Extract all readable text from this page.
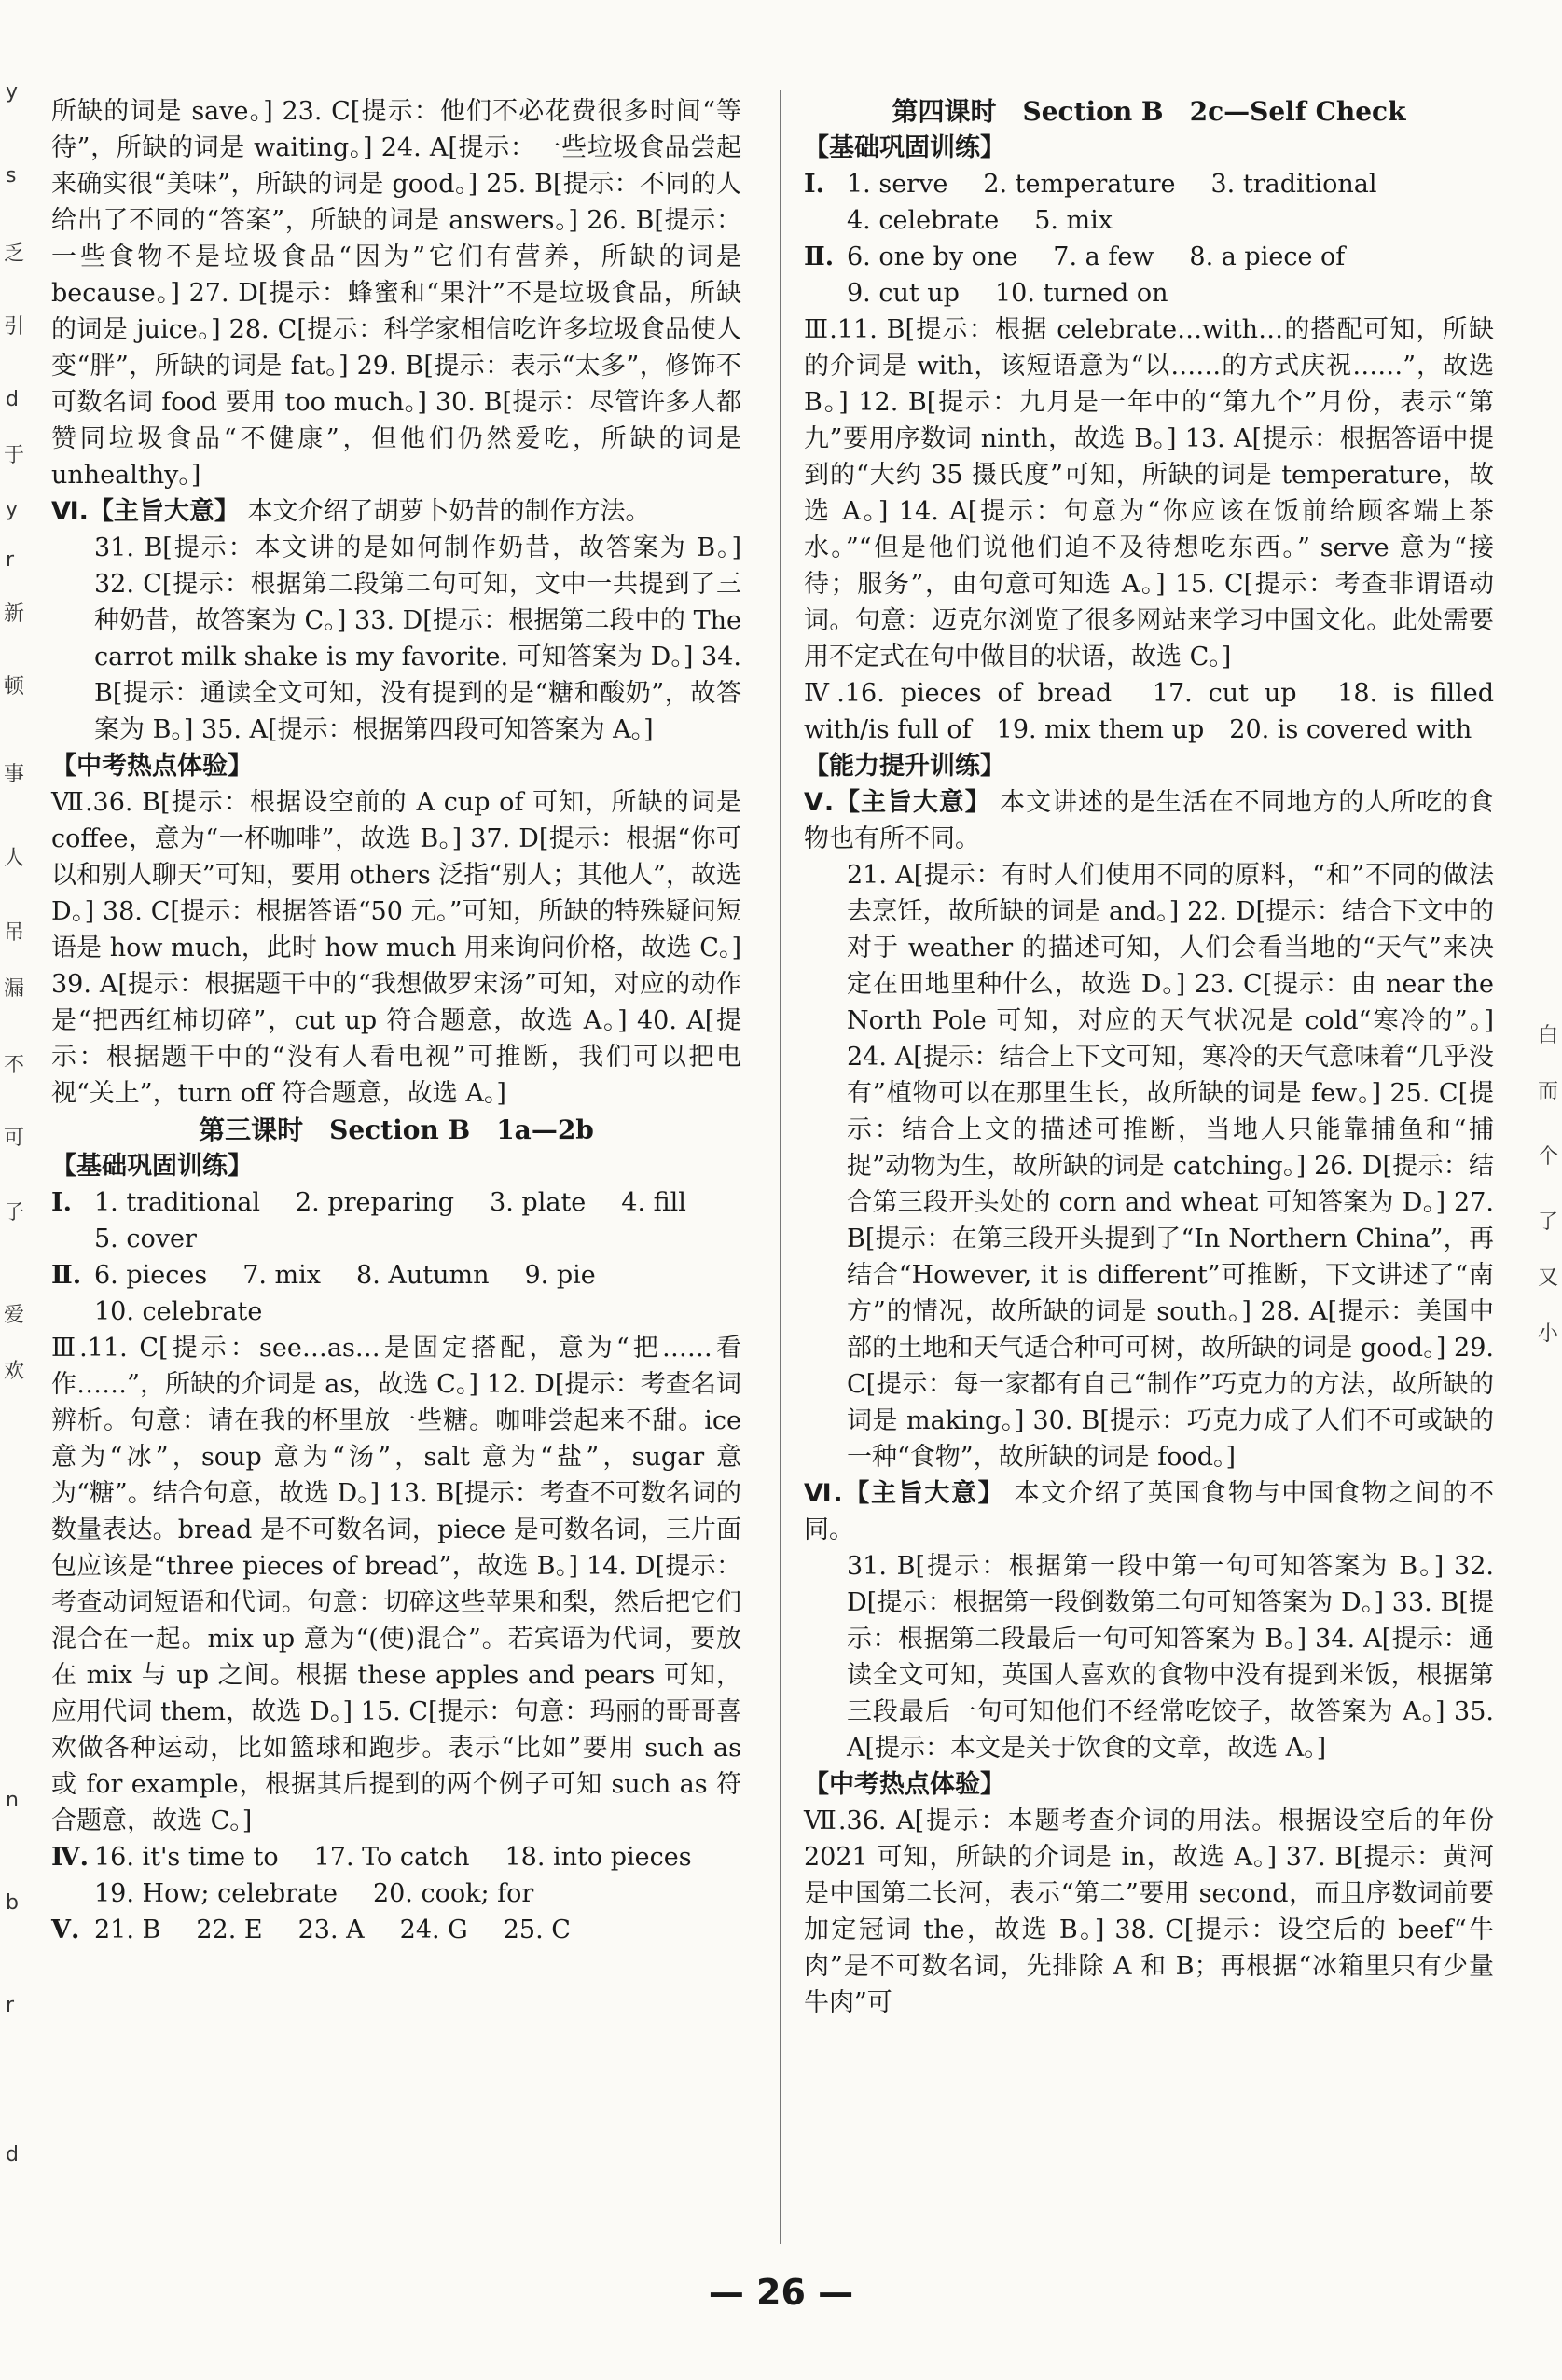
y
s
乏
引
d
于
y
r
新
顿
事
人
吊
漏
不
可
子
爱
欢
n
b
r
d

所缺的词是 save。] 23. C[提示：他们不必花费很多时间“等待”，所缺的词是 waiting。] 24. A[提示：一些垃圾食品尝起来确实很“美味”，所缺的词是 good。] 25. B[提示：不同的人给出了不同的“答案”，所缺的词是 answers。] 26. B[提示：一些食物不是垃圾食品“因为”它们有营养，所缺的词是 because。] 27. D[提示：蜂蜜和“果汁”不是垃圾食品，所缺的词是 juice。] 28. C[提示：科学家相信吃许多垃圾食品使人变“胖”，所缺的词是 fat。] 29. B[提示：表示“太多”，修饰不可数名词 food 要用 too much。] 30. B[提示：尽管许多人都赞同垃圾食品“不健康”，但他们仍然爱吃，所缺的词是 unhealthy。]

Ⅵ.【主旨大意】 本文介绍了胡萝卜奶昔的制作方法。

31. B[提示：本文讲的是如何制作奶昔，故答案为 B。] 32. C[提示：根据第二段第二句可知，文中一共提到了三种奶昔，故答案为 C。] 33. D[提示：根据第二段中的 The carrot milk shake is my favorite. 可知答案为 D。] 34. B[提示：通读全文可知，没有提到的是“糖和酸奶”，故答案为 B。] 35. A[提示：根据第四段可知答案为 A。]

【中考热点体验】

Ⅶ.36. B[提示：根据设空前的 A cup of 可知，所缺的词是 coffee，意为“一杯咖啡”，故选 B。] 37. D[提示：根据“你可以和别人聊天”可知，要用 others 泛指“别人；其他人”，故选 D。] 38. C[提示：根据答语“50 元。”可知，所缺的特殊疑问短语是 how much，此时 how much 用来询问价格，故选 C。] 39. A[提示：根据题干中的“我想做罗宋汤”可知，对应的动作是“把西红柿切碎”，cut up 符合题意，故选 A。] 40. A[提示：根据题干中的“没有人看电视”可推断，我们可以把电视“关上”，turn off 符合题意，故选 A。]

第三课时　Section B　1a—2b

【基础巩固训练】

Ⅰ. 1. traditional 2. preparing 3. plate 4. fill
5. cover
Ⅱ. 6. pieces 7. mix 8. Autumn 9. pie
10. celebrate

Ⅲ.11. C[提示：see…as…是固定搭配，意为“把……看作……”，所缺的介词是 as，故选 C。] 12. D[提示：考查名词辨析。句意：请在我的杯里放一些糖。咖啡尝起来不甜。ice 意为“冰”，soup 意为“汤”，salt 意为“盐”，sugar 意为“糖”。结合句意，故选 D。] 13. B[提示：考查不可数名词的数量表达。bread 是不可数名词，piece 是可数名词，三片面包应该是“three pieces of bread”，故选 B。] 14. D[提示：考查动词短语和代词。句意：切碎这些苹果和梨，然后把它们混合在一起。mix up 意为“(使)混合”。若宾语为代词，要放在 mix 与 up 之间。根据 these apples and pears 可知，应用代词 them，故选 D。] 15. C[提示：句意：玛丽的哥哥喜欢做各种运动，比如篮球和跑步。表示“比如”要用 such as 或 for example，根据其后提到的两个例子可知 such as 符合题意，故选 C。]

Ⅳ. 16. it's time to 17. To catch 18. into pieces
19. How; celebrate 20. cook; for
Ⅴ. 21. B 22. E 23. A 24. G 25. C

第四课时　Section B　2c—Self Check

【基础巩固训练】

Ⅰ. 1. serve 2. temperature 3. traditional
4. celebrate 5. mix
Ⅱ. 6. one by one 7. a few 8. a piece of
9. cut up 10. turned on

Ⅲ.11. B[提示：根据 celebrate…with…的搭配可知，所缺的介词是 with，该短语意为“以……的方式庆祝……”，故选 B。] 12. B[提示：九月是一年中的“第九个”月份，表示“第九”要用序数词 ninth，故选 B。] 13. A[提示：根据答语中提到的“大约 35 摄氏度”可知，所缺的词是 temperature，故选 A。] 14. A[提示：句意为“你应该在饭前给顾客端上茶水。”“但是他们说他们迫不及待想吃东西。” serve 意为“接待；服务”，由句意可知选 A。] 15. C[提示：考查非谓语动词。句意：迈克尔浏览了很多网站来学习中国文化。此处需要用不定式在句中做目的状语，故选 C。]

Ⅳ.16. pieces of bread　17. cut up　18. is filled with/is full of　19. mix them up　20. is covered with

【能力提升训练】

Ⅴ.【主旨大意】 本文讲述的是生活在不同地方的人所吃的食物也有所不同。

21. A[提示：有时人们使用不同的原料，“和”不同的做法去烹饪，故所缺的词是 and。] 22. D[提示：结合下文中的对于 weather 的描述可知，人们会看当地的“天气”来决定在田地里种什么，故选 D。] 23. C[提示：由 near the North Pole 可知，对应的天气状况是 cold“寒冷的”。] 24. A[提示：结合上下文可知，寒冷的天气意味着“几乎没有”植物可以在那里生长，故所缺的词是 few。] 25. C[提示：结合上文的描述可推断，当地人只能靠捕鱼和“捕捉”动物为生，故所缺的词是 catching。] 26. D[提示：结合第三段开头处的 corn and wheat 可知答案为 D。] 27. B[提示：在第三段开头提到了“In Northern China”，再结合“However, it is different”可推断，下文讲述了“南方”的情况，故所缺的词是 south。] 28. A[提示：美国中部的土地和天气适合种可可树，故所缺的词是 good。] 29. C[提示：每一家都有自己“制作”巧克力的方法，故所缺的词是 making。] 30. B[提示：巧克力成了人们不可或缺的一种“食物”，故所缺的词是 food。]

Ⅵ.【主旨大意】 本文介绍了英国食物与中国食物之间的不同。

31. B[提示：根据第一段中第一句可知答案为 B。] 32. D[提示：根据第一段倒数第二句可知答案为 D。] 33. B[提示：根据第二段最后一句可知答案为 B。] 34. A[提示：通读全文可知，英国人喜欢的食物中没有提到米饭，根据第三段最后一句可知他们不经常吃饺子，故答案为 A。] 35. A[提示：本文是关于饮食的文章，故选 A。]

【中考热点体验】

Ⅶ.36. A[提示：本题考查介词的用法。根据设空后的年份 2021 可知，所缺的介词是 in，故选 A。] 37. B[提示：黄河是中国第二长河，表示“第二”要用 second，而且序数词前要加定冠词 the，故选 B。] 38. C[提示：设空后的 beef“牛肉”是不可数名词，先排除 A 和 B；再根据“冰箱里只有少量牛肉”可

白
而
个
了
又
小
— 26 —
